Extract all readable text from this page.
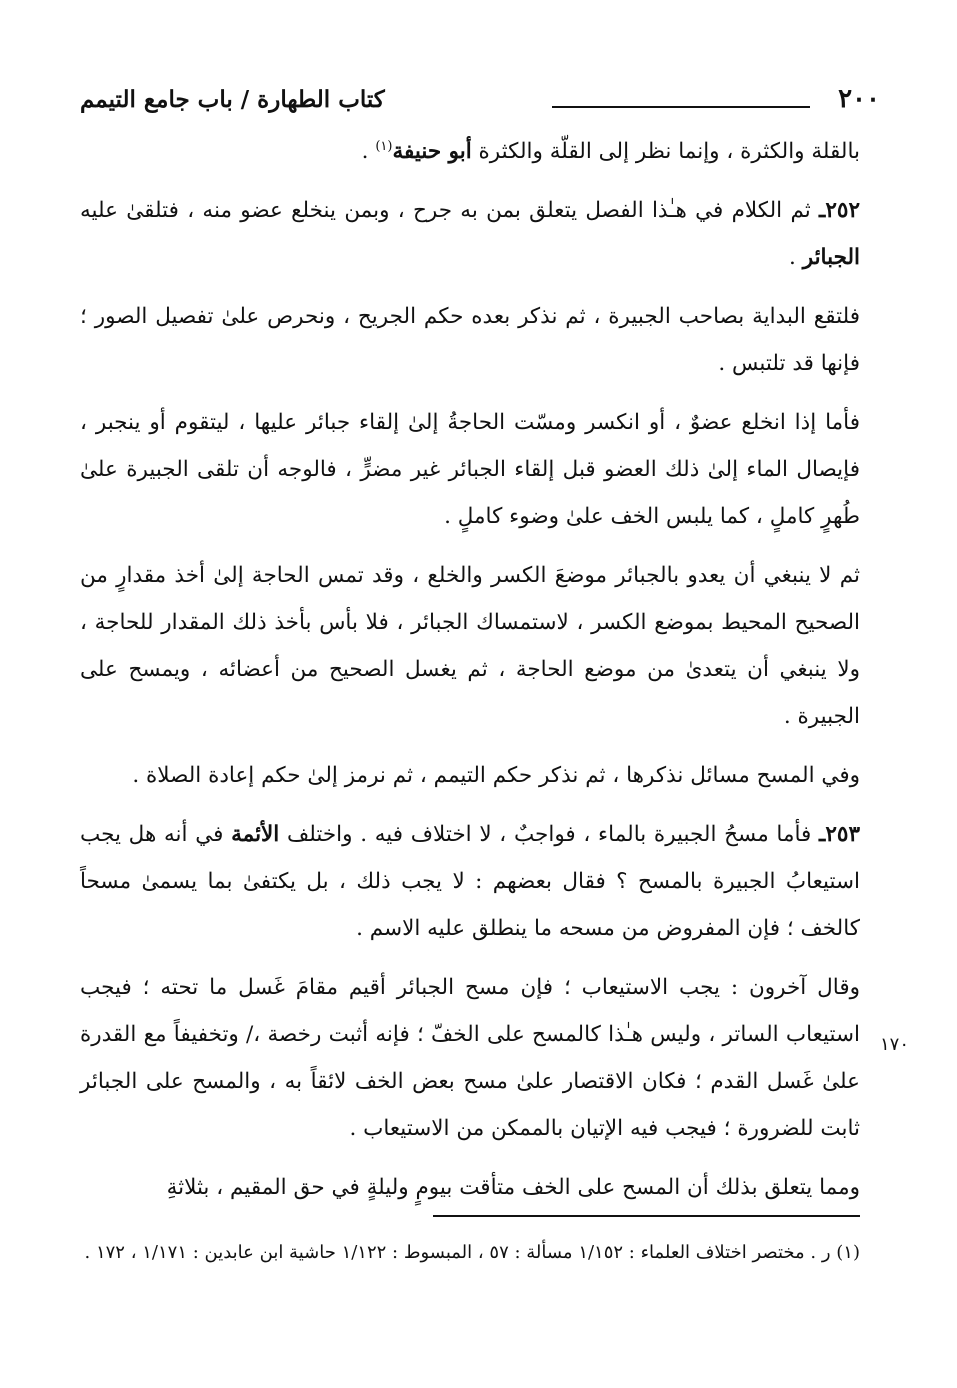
٢٠٠
كتاب الطهارة / باب جامع التيمم
١٧٠

بالقلة والكثرة ، وإنما نظر إلى القلّة والكثرة أبو حنيفة$^{(١)}$ .

٢٥٢ـ ثم الكلام في هـٰذا الفصل يتعلق بمن به جرح ، وبمن ينخلع عضو منه ، فتلقىٰ عليه الجبائر .

فلتقع البداية بصاحب الجبيرة ، ثم نذكر بعده حكم الجريح ، ونحرص علىٰ تفصيل الصور ؛ فإنها قد تلتبس .

فأما إذا انخلع عضوٌ ، أو انكسر ومسّت الحاجةُ إلىٰ إلقاء جبائر عليها ، ليتقوم أو ينجبر ، فإيصال الماء إلىٰ ذلك العضو قبل إلقاء الجبائر غير مضرٍّ ، فالوجه أن تلقى الجبيرة علىٰ طُهرٍ كاملٍ ، كما يلبس الخف علىٰ وضوء كاملٍ .

ثم لا ينبغي أن يعدو بالجبائر موضعَ الكسر والخلع ، وقد تمس الحاجة إلىٰ أخذ مقدارٍ من الصحيح المحيط بموضع الكسر ، لاستمساك الجبائر ، فلا بأس بأخذ ذلك المقدار للحاجة ، ولا ينبغي أن يتعدىٰ من موضع الحاجة ، ثم يغسل الصحيح من أعضائه ، ويمسح على الجبيرة .

وفي المسح مسائل نذكرها ، ثم نذكر حكم التيمم ، ثم نرمز إلىٰ حكم إعادة الصلاة .

٢٥٣ـ فأما مسحُ الجبيرة بالماء ، فواجبٌ ، لا اختلاف فيه . واختلف الأئمة في أنه هل يجب استيعابُ الجبيرة بالمسح ؟ فقال بعضهم : لا يجب ذلك ، بل يكتفىٰ بما يسمىٰ مسحاً كالخف ؛ فإن المفروض من مسحه ما ينطلق عليه الاسم .

وقال آخرون : يجب الاستيعاب ؛ فإن مسح الجبائر أقيم مقامَ غَسل ما تحته ؛ فيجب استيعاب الساتر ، وليس هـٰذا كالمسح على الخفّ ؛ فإنه أثبت رخصة ،/ وتخفيفاً مع القدرة علىٰ غَسل القدم ؛ فكان الاقتصار علىٰ مسح بعض الخف لائقاً به ، والمسح على الجبائر ثابت للضرورة ؛ فيجب فيه الإتيان بالممكن من الاستيعاب .

ومما يتعلق بذلك أن المسح على الخف متأقت بيومٍ وليلةٍ في حق المقيم ، بثلاثةِ

(١) ر . مختصر اختلاف العلماء : ١/١٥٢ مسألة : ٥٧ ، المبسوط : ١/١٢٢ حاشية ابن عابدين : ١/١٧١ ، ١٧٢ .
